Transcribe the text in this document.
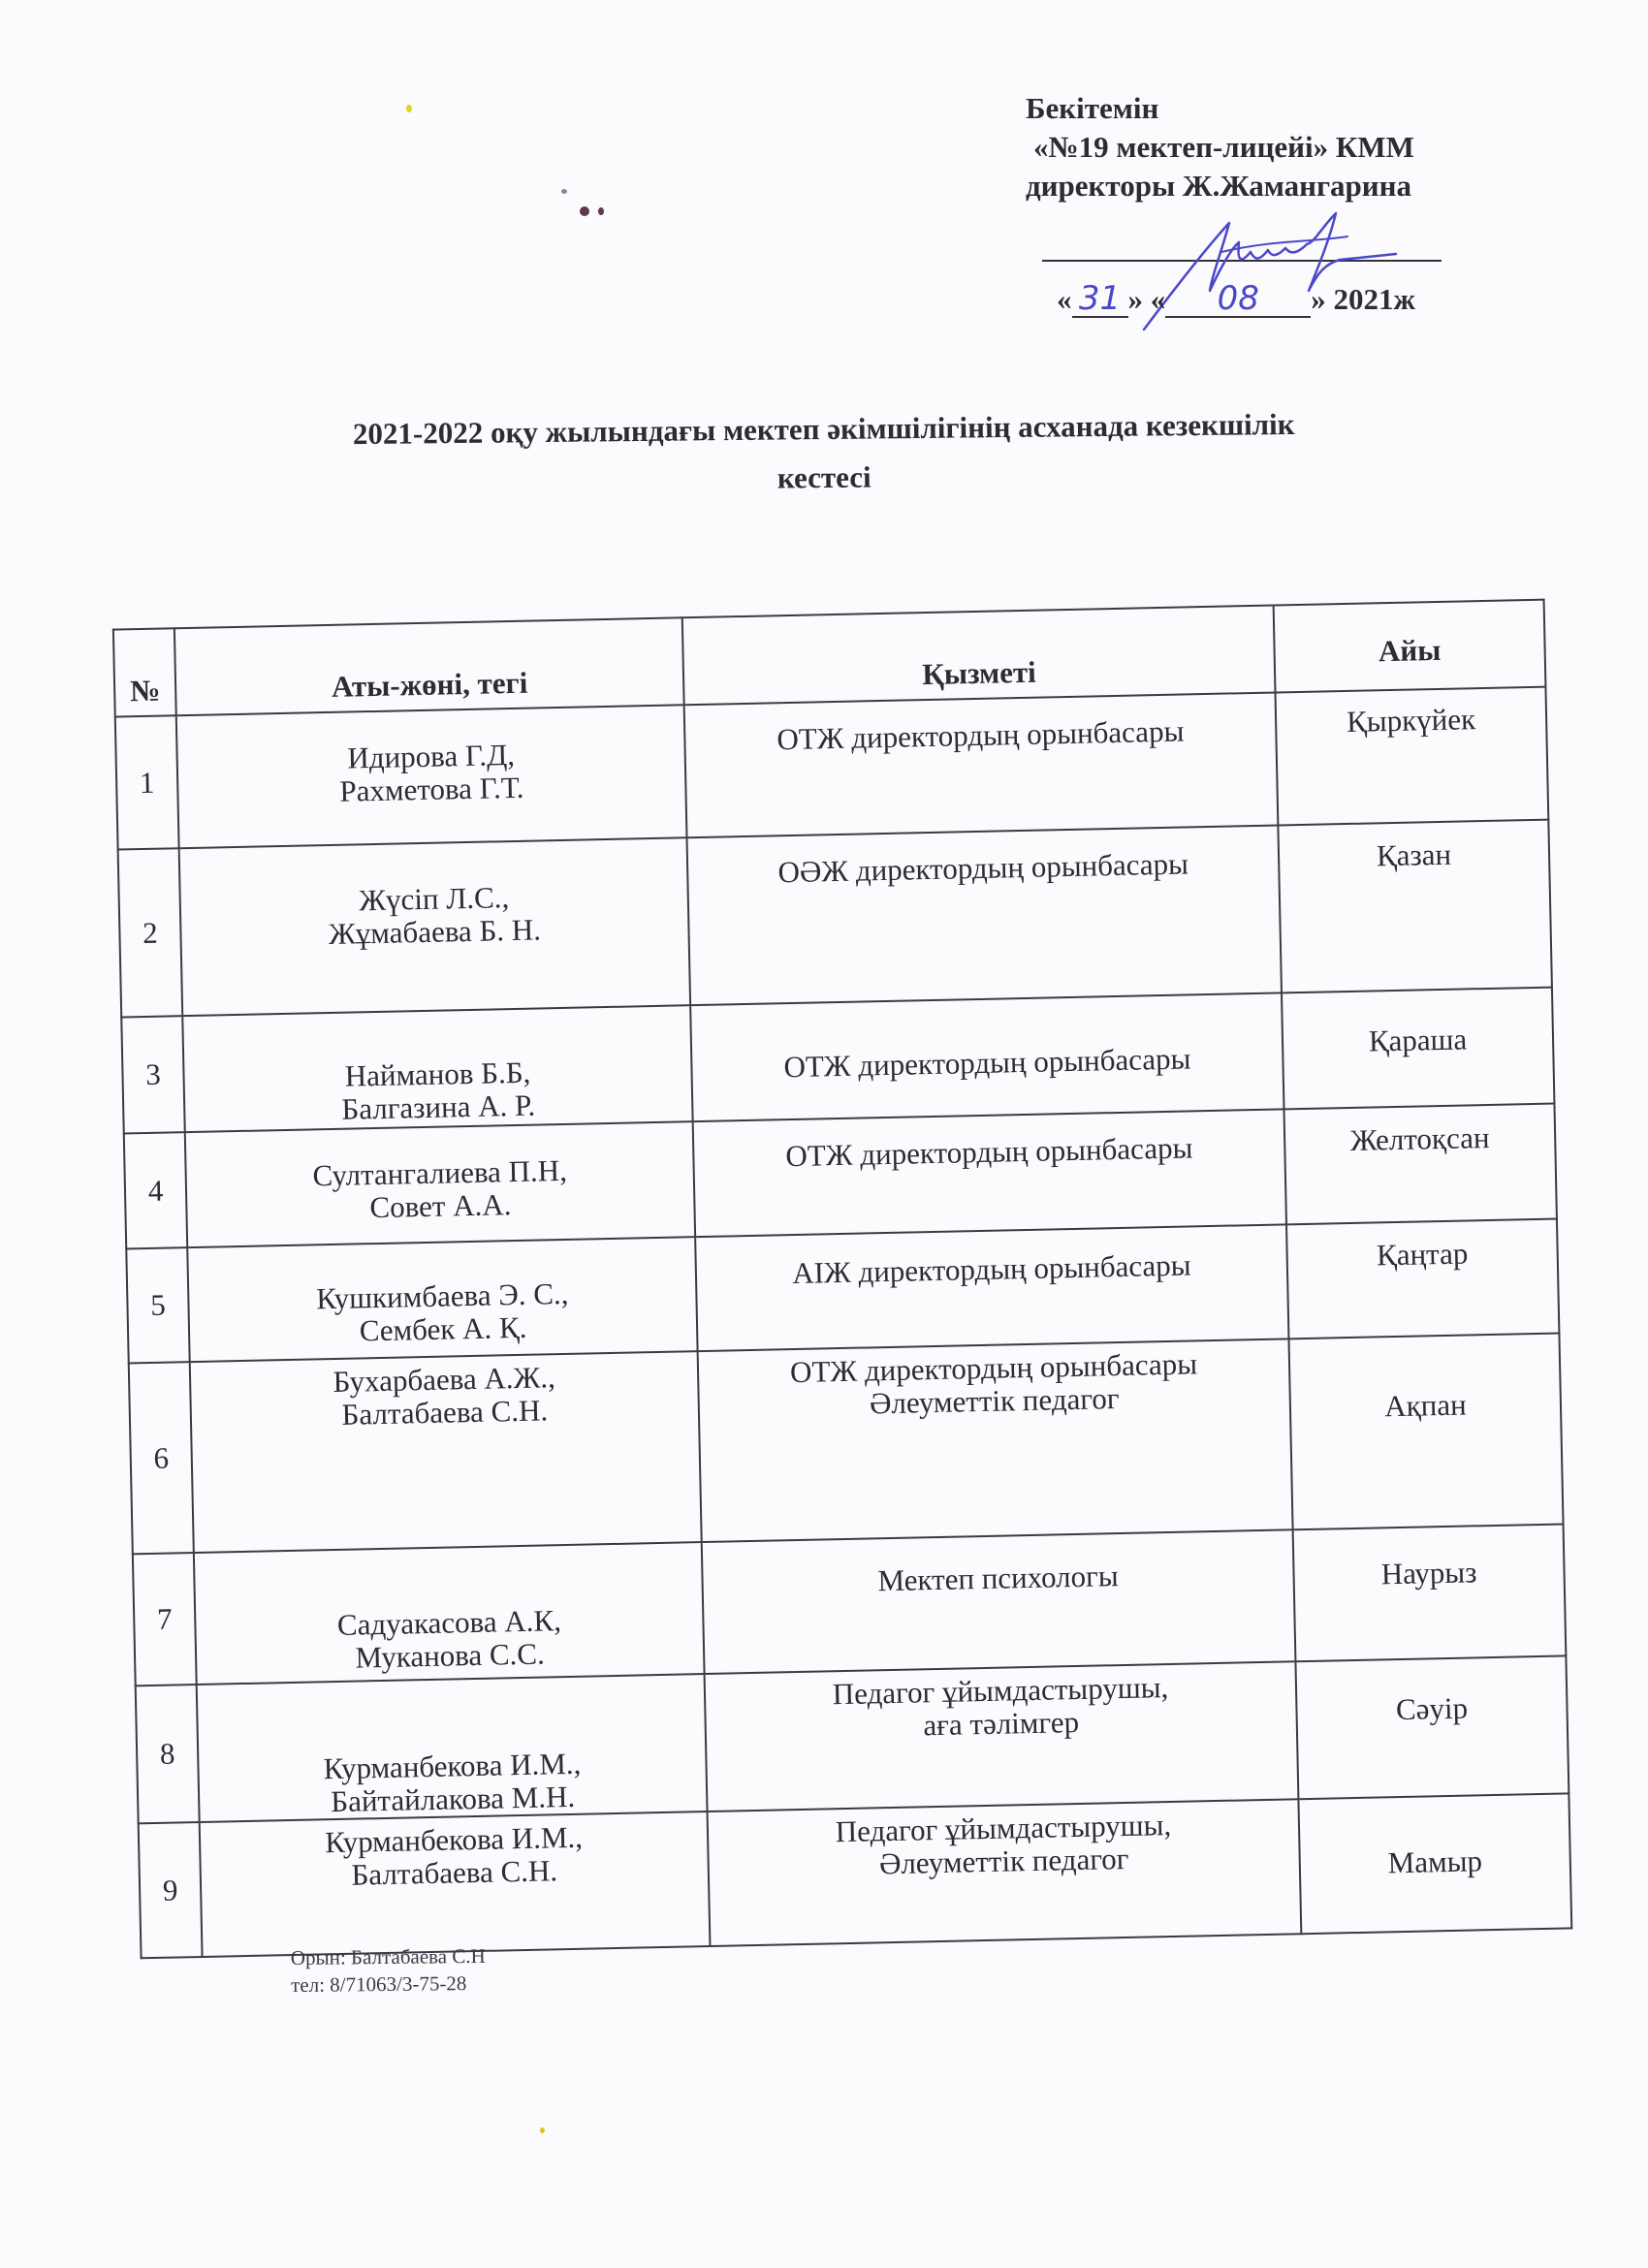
Бекітемін
«№19 мектеп-лицейі» КММ
директоры Ж.Жамангарина
« 31 » « 08 » 2021ж
2021-2022 оқу жылындағы мектеп әкімшілігінің асханада кезекшілік
кестесі
№	Аты-жөні, тегі	Қызметі	Айы

1	Идирова Г.Д,
Рахметова Г.Т.	ОТЖ директордың орынбасары	Қыркүйек

2	Жүсіп Л.С.,
Жұмабаева Б. Н.	ОӘЖ директордың орынбасары	Қазан

3	Найманов Б.Б,
Балгазина А. Р.	ОТЖ директордың орынбасары	Қараша

4	Султангалиева П.Н,
Совет А.А.	ОТЖ директордың орынбасары	Желтоқсан

5	Кушкимбаева Э. С.,
Сембек А. Қ.	АІЖ директордың орынбасары	Қаңтар

6	Бухарбаева А.Ж.,
Балтабаева С.Н.	ОТЖ директордың орынбасары
Әлеуметтік педагог	Ақпан

7	Садуакасова А.К,
Муканова С.С.	Мектеп психологы	Наурыз

8	Курманбекова И.М.,
Байтайлакова М.Н.	Педагог ұйымдастырушы,
аға тәлімгер	Сәуір

9	Курманбекова И.М.,
Балтабаева С.Н.	Педагог ұйымдастырушы,
Әлеуметтік педагог	Мамыр
Орын: Балтабаева С.Н
тел: 8/71063/3-75-28
